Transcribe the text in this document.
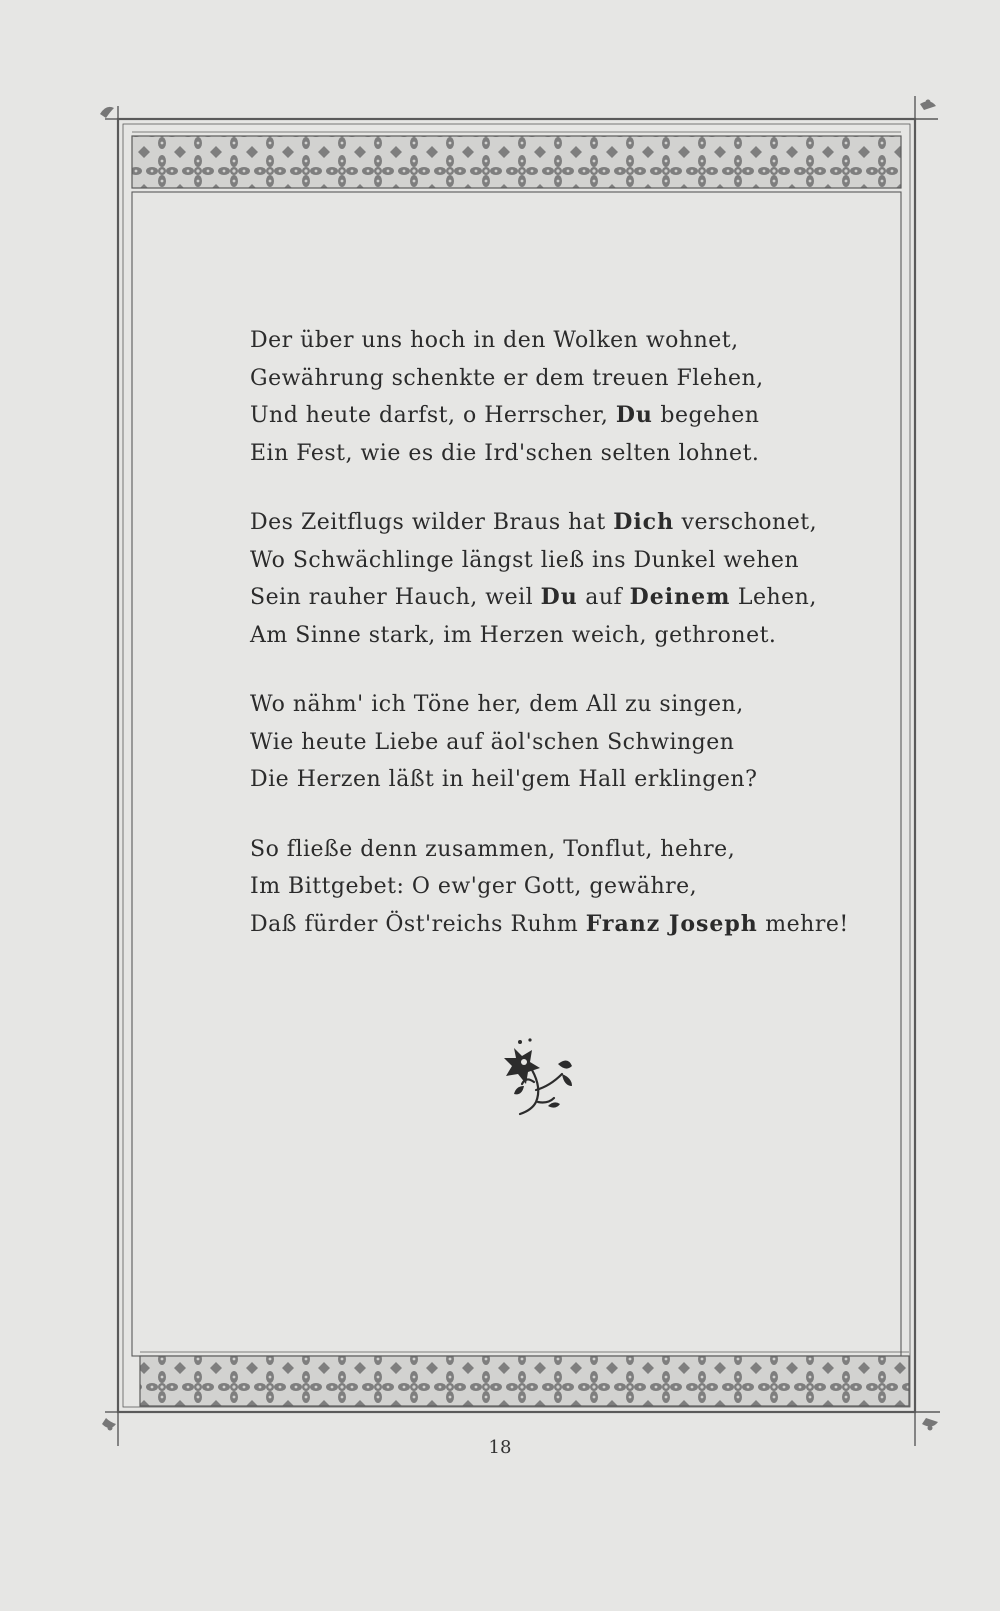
Der über uns hoch in den Wolken wohnet,
Gewährung schenkte er dem treuen Flehen,
Und heute darfst, o Herrscher, Du begehen
Ein Fest, wie es die Ird'schen selten lohnet.
Des Zeitflugs wilder Braus hat Dich verschonet,
Wo Schwächlinge längst ließ ins Dunkel wehen
Sein rauher Hauch, weil Du auf Deinem Lehen,
Am Sinne stark, im Herzen weich, gethronet.
Wo nähm' ich Töne her, dem All zu singen,
Wie heute Liebe auf äol'schen Schwingen
Die Herzen läßt in heil'gem Hall erklingen?
So fließe denn zusammen, Tonflut, hehre,
Im Bittgebet: O ew'ger Gott, gewähre,
Daß fürder Öst'reichs Ruhm Franz Joseph mehre!
18
